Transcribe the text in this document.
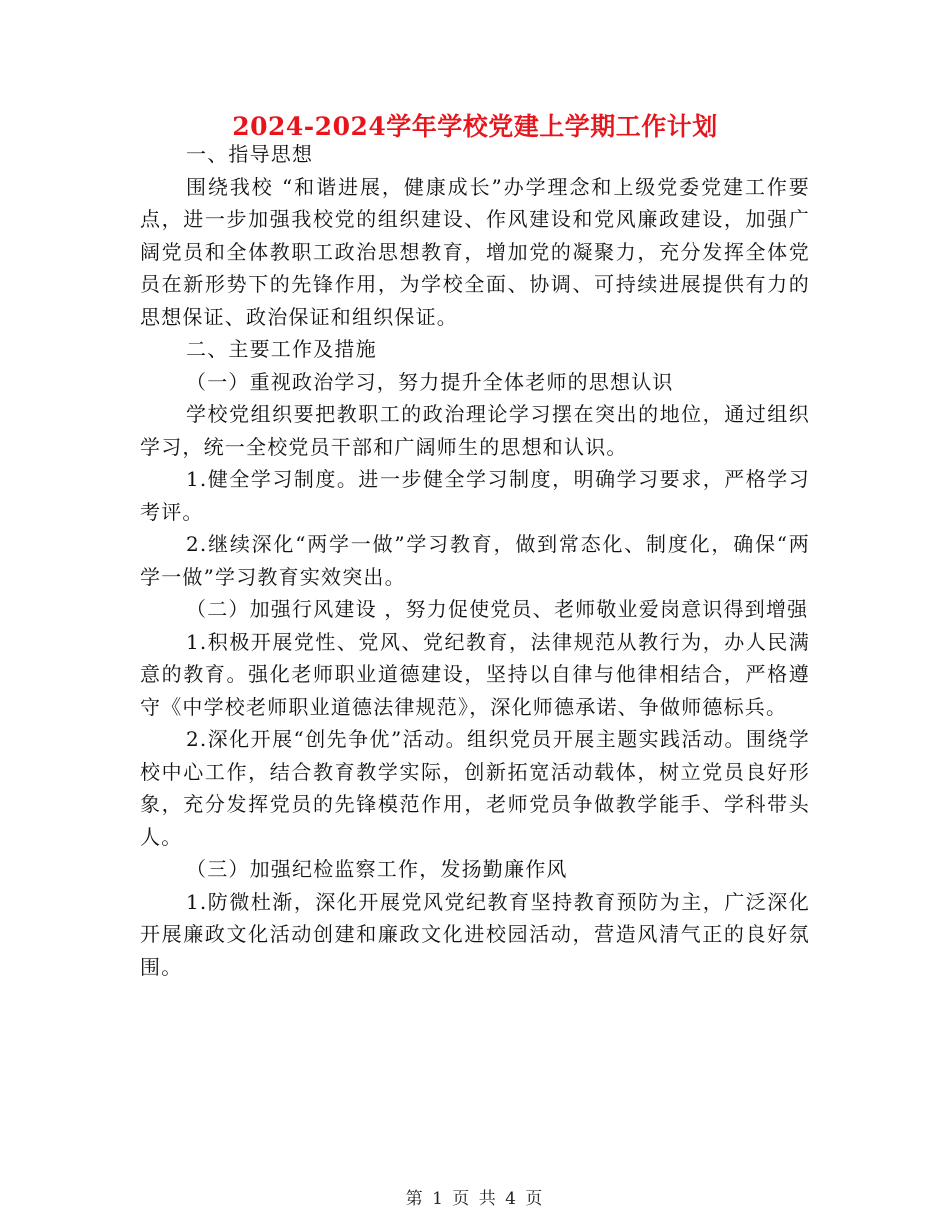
2024-2024学年学校党建上学期工作计划

一、指导思想

围绕我校 “和谐进展，健康成长”办学理念和上级党委党建工作要点，进一步加强我校党的组织建设、作风建设和党风廉政建设，加强广阔党员和全体教职工政治思想教育，增加党的凝聚力，充分发挥全体党员在新形势下的先锋作用，为学校全面、协调、可持续进展提供有力的思想保证、政治保证和组织保证。

二、主要工作及措施

（一）重视政治学习，努力提升全体老师的思想认识

学校党组织要把教职工的政治理论学习摆在突出的地位，通过组织学习，统一全校党员干部和广阔师生的思想和认识。

1.健全学习制度。进一步健全学习制度，明确学习要求，严格学习考评。

2.继续深化“两学一做”学习教育，做到常态化、制度化，确保“两学一做”学习教育实效突出。

（二）加强行风建设 ，努力促使党员、老师敬业爱岗意识得到增强

1.积极开展党性、党风、党纪教育，法律规范从教行为，办人民满意的教育。强化老师职业道德建设，坚持以自律与他律相结合，严格遵守《中学校老师职业道德法律规范》，深化师德承诺、争做师德标兵。

2.深化开展“创先争优”活动。组织党员开展主题实践活动。围绕学校中心工作，结合教育教学实际，创新拓宽活动载体，树立党员良好形象，充分发挥党员的先锋模范作用，老师党员争做教学能手、学科带头人。

（三）加强纪检监察工作，发扬勤廉作风

1.防微杜渐，深化开展党风党纪教育坚持教育预防为主，广泛深化开展廉政文化活动创建和廉政文化进校园活动，营造风清气正的良好氛围。

第 1 页 共 4 页
